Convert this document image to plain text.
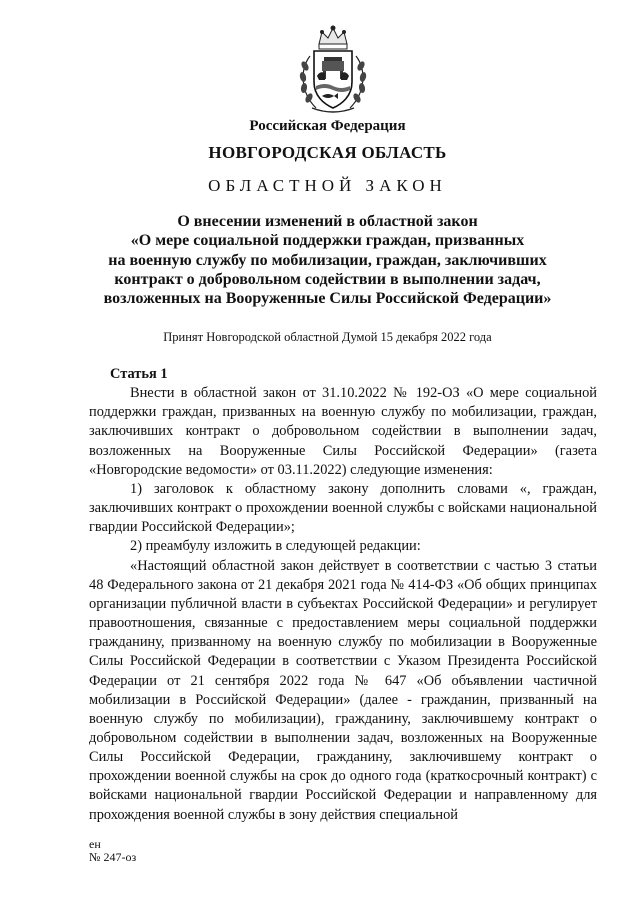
Российская Федерация
НОВГОРОДСКАЯ ОБЛАСТЬ
ОБЛАСТНОЙ ЗАКОН
О внесении изменений в областной закон
«О мере социальной поддержки граждан, призванных
на военную службу по мобилизации, граждан, заключивших
контракт о добровольном содействии в выполнении задач,
возложенных на Вооруженные Силы Российской Федерации»
Принят Новгородской областной Думой 15 декабря 2022 года

Статья 1

Внести в областной закон от 31.10.2022 № 192-ОЗ «О мере социальной поддержки граждан, призванных на военную службу по мобилизации, граждан, заключивших контракт о добровольном содействии в выполнении задач, возложенных на Вооруженные Силы Российской Федерации» (газета «Новгородские ведомости» от 03.11.2022) следующие изменения:

1) заголовок к областному закону дополнить словами «, граждан, заключивших контракт о прохождении военной службы с войсками национальной гвардии Российской Федерации»;

2) преамбулу изложить в следующей редакции:

«Настоящий областной закон действует в соответствии с частью 3 статьи 48 Федерального закона от 21 декабря 2021 года № 414-ФЗ «Об общих принципах организации публичной власти в субъектах Российской Федерации» и регулирует правоотношения, связанные с предоставлением меры социальной поддержки гражданину, призванному на военную службу по мобилизации в Вооруженные Силы Российской Федерации в соответствии с Указом Президента Российской Федерации от 21 сентября 2022 года № 647 «Об объявлении частичной мобилизации в Российской Федерации» (далее - гражданин, призванный на военную службу по мобилизации), гражданину, заключившему контракт о добровольном содействии в выполнении задач, возложенных на Вооруженные Силы Российской Федерации, гражданину, заключившему контракт о прохождении военной службы на срок до одного года (краткосрочный контракт) с войсками национальной гвардии Российской Федерации и направленному для прохождения военной службы в зону действия специальной

ен
№ 247-оз
